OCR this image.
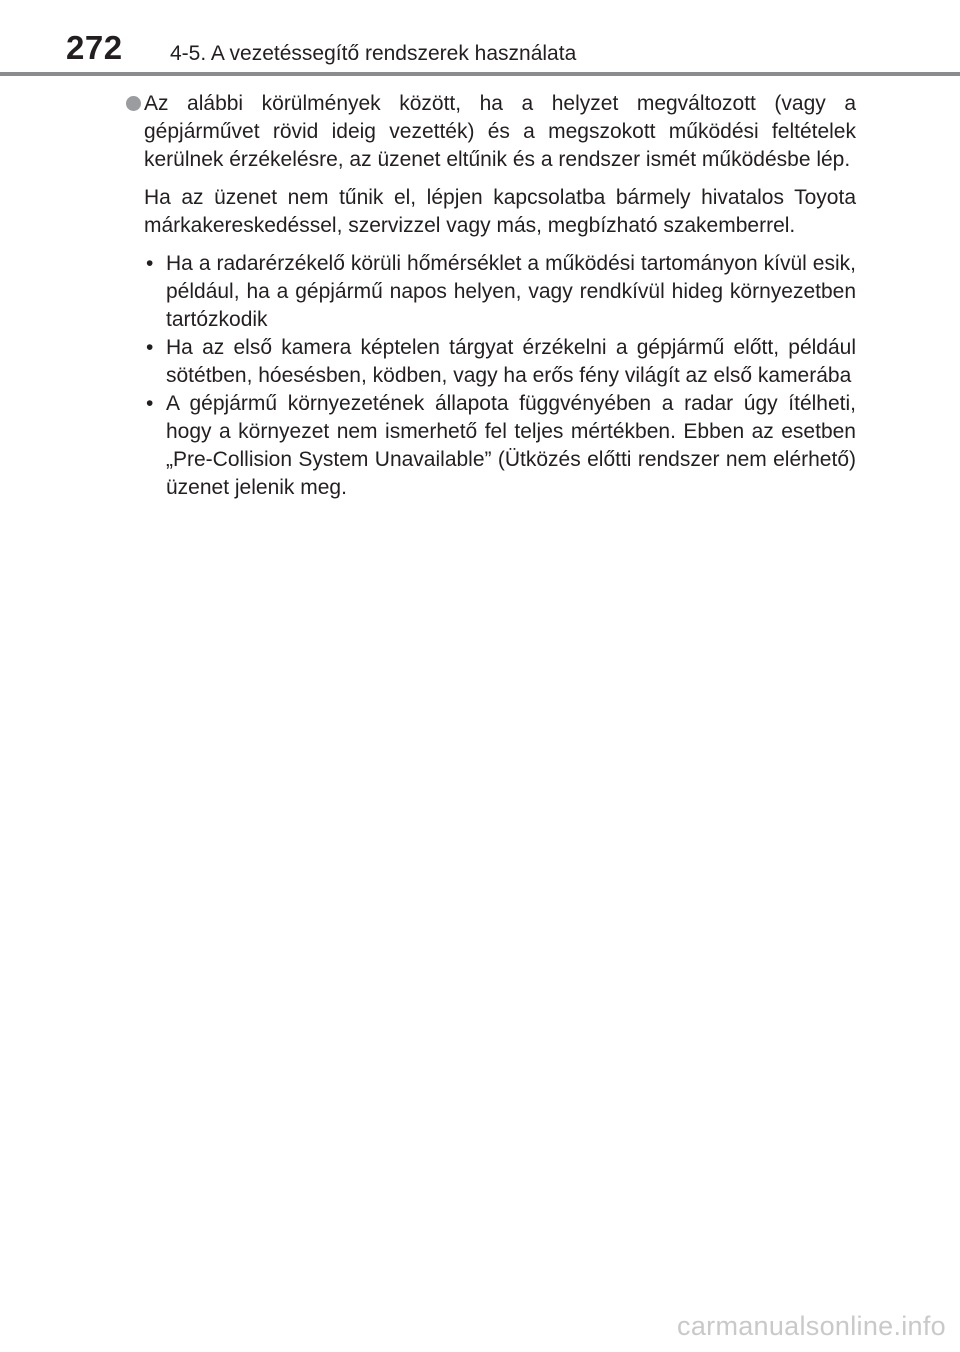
272 4-5. A vezetéssegítő rendszerek használata

Az alábbi körülmények között, ha a helyzet megváltozott (vagy a gépjárművet rövid ideig vezették) és a megszokott működési feltételek kerülnek érzékelésre, az üzenet eltűnik és a rendszer ismét működésbe lép.

Ha az üzenet nem tűnik el, lépjen kapcsolatba bármely hivatalos Toyota márkakereskedéssel, szervizzel vagy más, megbízható szakemberrel.

• Ha a radarérzékelő körüli hőmérséklet a működési tartományon kívül esik, például, ha a gépjármű napos helyen, vagy rendkívül hideg környezetben tartózkodik
• Ha az első kamera képtelen tárgyat érzékelni a gépjármű előtt, például sötétben, hóesésben, ködben, vagy ha erős fény világít az első kamerába
• A gépjármű környezetének állapota függvényében a radar úgy ítélheti, hogy a környezet nem ismerhető fel teljes mértékben. Ebben az esetben „Pre-Collision System Unavailable” (Ütközés előtti rendszer nem elérhető) üzenet jelenik meg.
carmanualsonline.info
